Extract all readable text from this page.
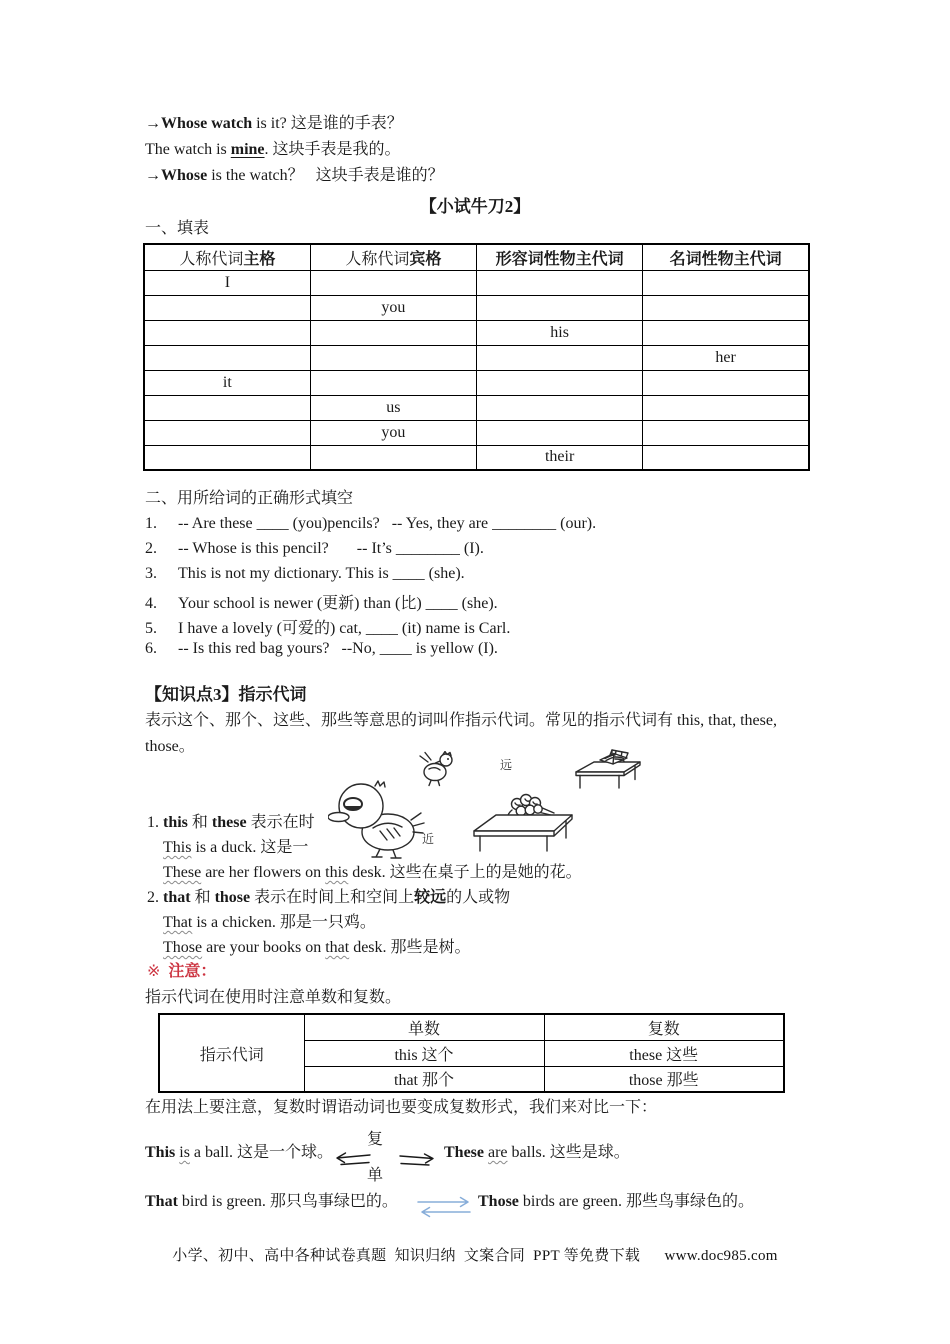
→Whose watch is it? 这是谁的手表？
The watch is mine. 这块手表是我的。
→Whose is the watch？   这块手表是谁的？
【小试牛刀2】
一、填表
人称代词主格	人称代词宾格	形容词性物主代词	名词性物主代词
I			
	you		
		his	
			her
it			
	us		
	you		
		their	
二、用所给词的正确形式填空
1. -- Are these ____ (you)pencils?   -- Yes, they are ________ (our).
2. -- Whose is this pencil?       -- It’s ________ (I).
3. This is not my dictionary. This is ____ (she).
4. Your school is newer (更新) than (比) ____ (she).
5. I have a lovely (可爱的) cat, ____ (it) name is Carl.
6. -- Is this red bag yours?   --No, ____ is yellow (I).
【知识点3】指示代词
表示这个、那个、这些、那些等意思的词叫作指示代词。常见的指示代词有 this, that, these, those。
远
近
1. this 和 these 表示在时
This is a duck. 这是一
These are her flowers on this desk. 这些在桌子上的是她的花。
2. that 和 those 表示在时间上和空间上较远的人或物
That is a chicken. 那是一只鸡。
Those are your books on that desk. 那些是树。
※ 注意：
指示代词在使用时注意单数和复数。
指示代词	单数	复数
	this 这个	these 这些
	that 那个	those 那些
在用法上要注意，复数时谓语动词也要变成复数形式，我们来对比一下：
This is a ball. 这是一个球。
复
单
These are balls. 这些是球。
That bird is green. 那只鸟事绿巴的。	Those birds are green. 那些鸟事绿色的。
小学、初中、高中各种试卷真题  知识归纳  文案合同  PPT 等免费下载      www.doc985.com
